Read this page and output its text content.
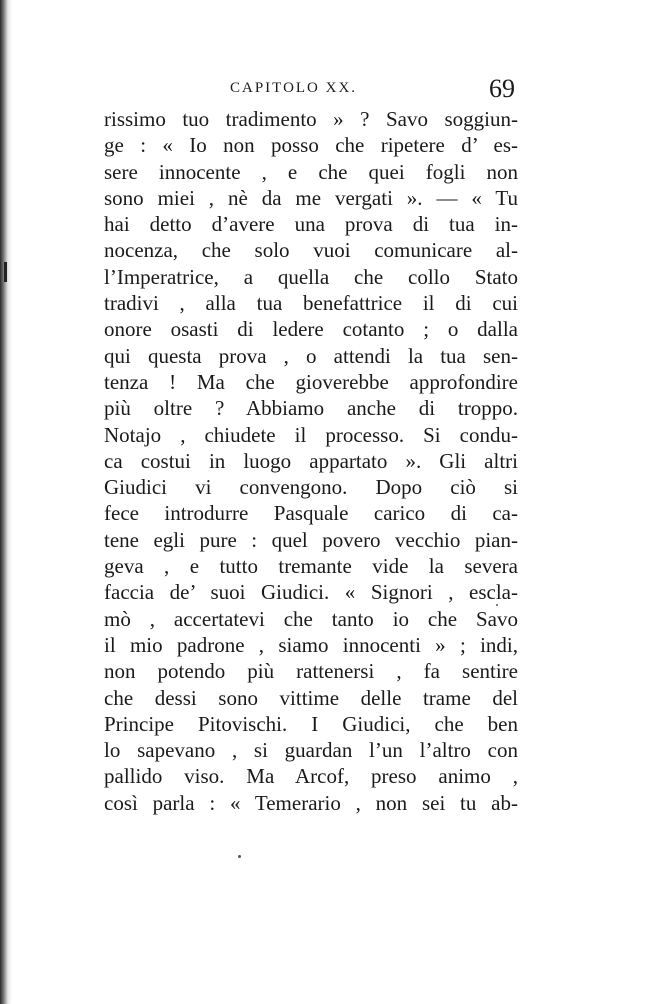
CAPITOLO XX.	69
rissimo tuo tradimento » ? Savo soggiun-
ge : « Io non posso che ripetere d’ es-
sere innocente , e che quei fogli non
sono miei , nè da me vergati ». — « Tu
hai detto d’avere una prova di tua in-
nocenza, che solo vuoi comunicare al-
l’Imperatrice, a quella che collo Stato
tradivi , alla tua benefattrice il di cui
onore osasti di ledere cotanto ; o dalla
qui questa prova , o attendi la tua sen-
tenza ! Ma che gioverebbe approfondire
più oltre ? Abbiamo anche di troppo.
Notajo , chiudete il processo. Si condu-
ca costui in luogo appartato ». Gli altri
Giudici vi convengono. Dopo ciò si
fece introdurre Pasquale carico di ca-
tene egli pure : quel povero vecchio pian-
geva , e tutto tremante vide la severa
faccia de’ suoi Giudici. « Signori , escla-
mò , accertatevi che tanto io che Savo
il mio padrone , siamo innocenti » ; indi,
non potendo più rattenersi , fa sentire
che dessi sono vittime delle trame del
Principe Pitovischi. I Giudici, che ben
lo sapevano , si guardan l’un l’altro con
pallido viso. Ma Arcof, preso animo ,
così parla : « Temerario , non sei tu ab-
